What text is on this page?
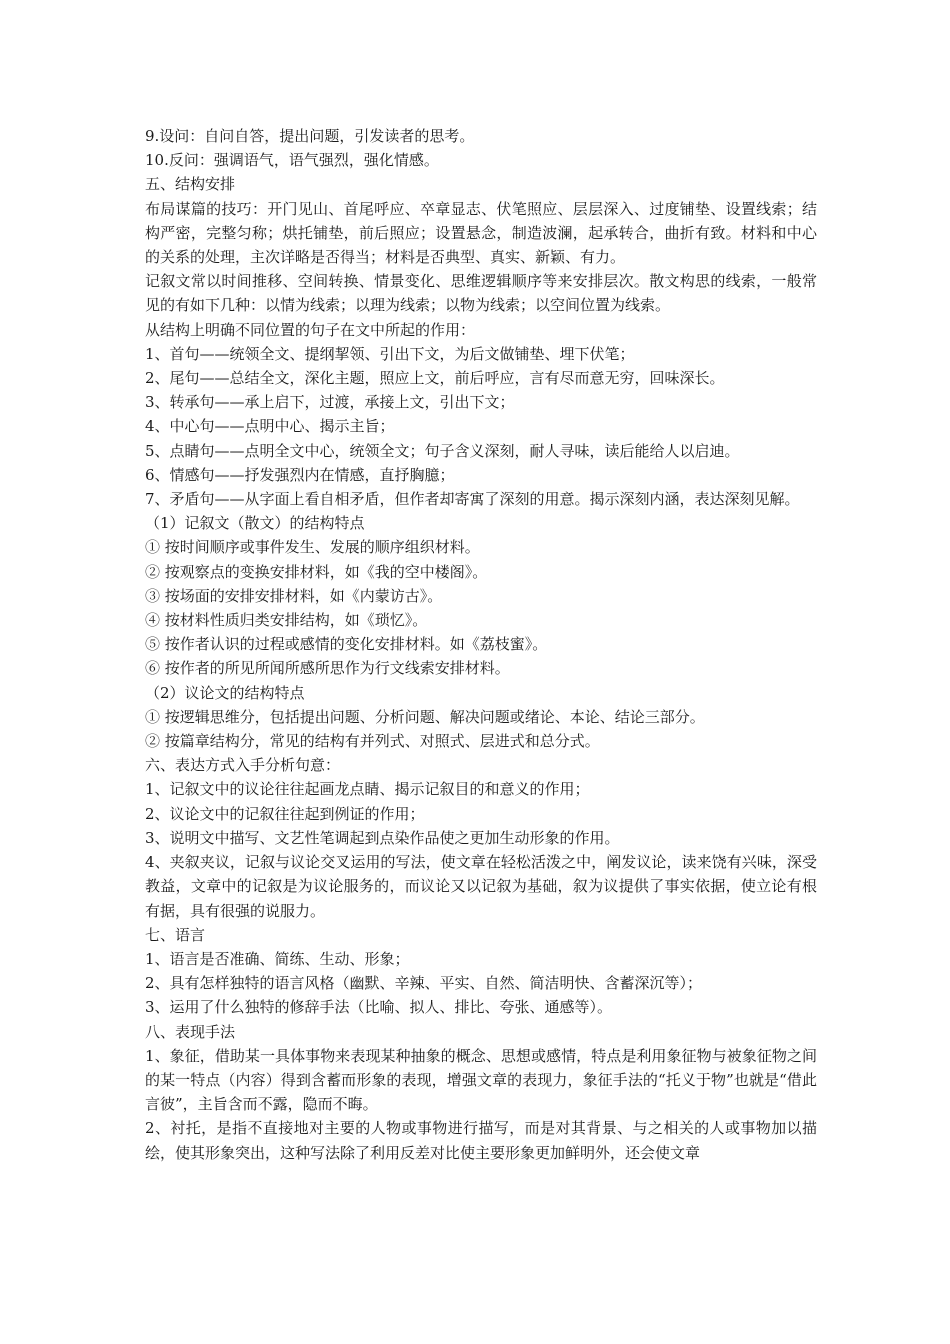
9.设问：自问自答，提出问题，引发读者的思考。

10.反问：强调语气，语气强烈，强化情感。

五、结构安排

布局谋篇的技巧：开门见山、首尾呼应、卒章显志、伏笔照应、层层深入、过度铺垫、设置线索；结构严密，完整匀称；烘托铺垫，前后照应；设置悬念，制造波澜，起承转合，曲折有致。材料和中心的关系的处理，主次详略是否得当；材料是否典型、真实、新颖、有力。

记叙文常以时间推移、空间转换、情景变化、思维逻辑顺序等来安排层次。散文构思的线索，一般常见的有如下几种：以情为线索；以理为线索；以物为线索；以空间位置为线索。

从结构上明确不同位置的句子在文中所起的作用：

1、首句——统领全文、提纲挈领、引出下文，为后文做铺垫、埋下伏笔；

2、尾句——总结全文，深化主题，照应上文，前后呼应，言有尽而意无穷，回味深长。

3、转承句——承上启下，过渡，承接上文，引出下文；

4、中心句——点明中心、揭示主旨；

5、点睛句——点明全文中心，统领全文；句子含义深刻，耐人寻味，读后能给人以启迪。

6、情感句——抒发强烈内在情感，直抒胸臆；

7、矛盾句——从字面上看自相矛盾，但作者却寄寓了深刻的用意。揭示深刻内涵，表达深刻见解。

（1）记叙文（散文）的结构特点

① 按时间顺序或事件发生、发展的顺序组织材料。

② 按观察点的变换安排材料，如《我的空中楼阁》。

③ 按场面的安排安排材料，如《内蒙访古》。

④ 按材料性质归类安排结构，如《琐忆》。

⑤ 按作者认识的过程或感情的变化安排材料。如《荔枝蜜》。

⑥ 按作者的所见所闻所感所思作为行文线索安排材料。

（2）议论文的结构特点

① 按逻辑思维分，包括提出问题、分析问题、解决问题或绪论、本论、结论三部分。

② 按篇章结构分，常见的结构有并列式、对照式、层进式和总分式。

六、表达方式入手分析句意：

1、记叙文中的议论往往起画龙点睛、揭示记叙目的和意义的作用；

2、议论文中的记叙往往起到例证的作用；

3、说明文中描写、文艺性笔调起到点染作品使之更加生动形象的作用。

4、夹叙夹议，记叙与议论交叉运用的写法，使文章在轻松活泼之中，阐发议论，读来饶有兴味，深受教益，文章中的记叙是为议论服务的，而议论又以记叙为基础，叙为议提供了事实依据，使立论有根有据，具有很强的说服力。

七、语言

1、语言是否准确、简练、生动、形象；

2、具有怎样独特的语言风格（幽默、辛辣、平实、自然、简洁明快、含蓄深沉等）；

3、运用了什么独特的修辞手法（比喻、拟人、排比、夸张、通感等）。

八、表现手法

1、象征，借助某一具体事物来表现某种抽象的概念、思想或感情，特点是利用象征物与被象征物之间的某一特点（内容）得到含蓄而形象的表现，增强文章的表现力，象征手法的“托义于物”也就是“借此言彼”，主旨含而不露，隐而不晦。

2、衬托，是指不直接地对主要的人物或事物进行描写，而是对其背景、与之相关的人或事物加以描绘，使其形象突出，这种写法除了利用反差对比使主要形象更加鲜明外，还会使文章
